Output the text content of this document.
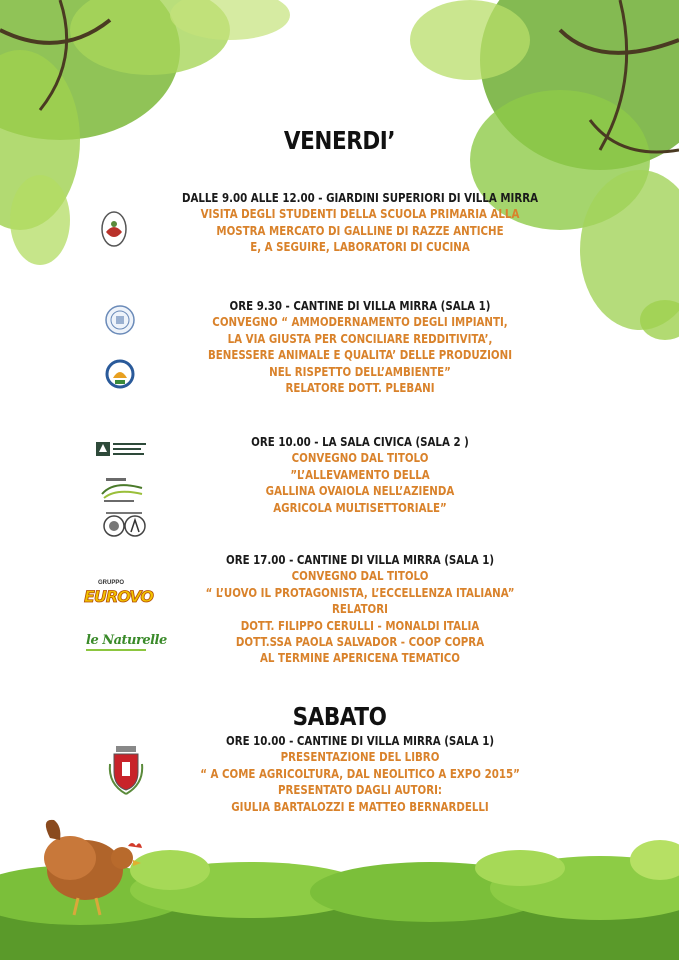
VENERDI’
DALLE 9.00 ALLE 12.00 - GIARDINI SUPERIORI DI VILLA MIRRA
VISITA DEGLI STUDENTI DELLA SCUOLA PRIMARIA ALLA
MOSTRA MERCATO DI GALLINE DI RAZZE ANTICHE
E, A SEGUIRE, LABORATORI DI CUCINA
ORE 9.30 - CANTINE DI VILLA MIRRA (SALA 1)
CONVEGNO “ AMMODERNAMENTO DEGLI IMPIANTI,
LA VIA GIUSTA PER CONCILIARE REDDITIVITA’,
BENESSERE ANIMALE E QUALITA’ DELLE PRODUZIONI
NEL RISPETTO DELL’AMBIENTE”
RELATORE DOTT. PLEBANI
ORE 10.00 - LA SALA CIVICA (SALA 2 )
CONVEGNO DAL TITOLO
”L’ALLEVAMENTO DELLA
GALLINA OVAIOLA NELL’AZIENDA
AGRICOLA MULTISETTORIALE”
ORE 17.00 - CANTINE DI VILLA MIRRA (SALA 1)
CONVEGNO DAL TITOLO
“ L’UOVO IL PROTAGONISTA, L’ECCELLENZA ITALIANA”
RELATORI
DOTT. FILIPPO CERULLI - MONALDI ITALIA
DOTT.SSA PAOLA SALVADOR - COOP COPRA
AL TERMINE APERICENA TEMATICO
SABATO
ORE 10.00 - CANTINE DI VILLA MIRRA (SALA 1)
PRESENTAZIONE DEL LIBRO
“ A COME AGRICOLTURA, DAL NEOLITICO A EXPO 2015”
PRESENTATO DAGLI AUTORI:
GIULIA BARTALOZZI E MATTEO BERNARDELLI
GRUPPO
EUROVO
le Naturelle
